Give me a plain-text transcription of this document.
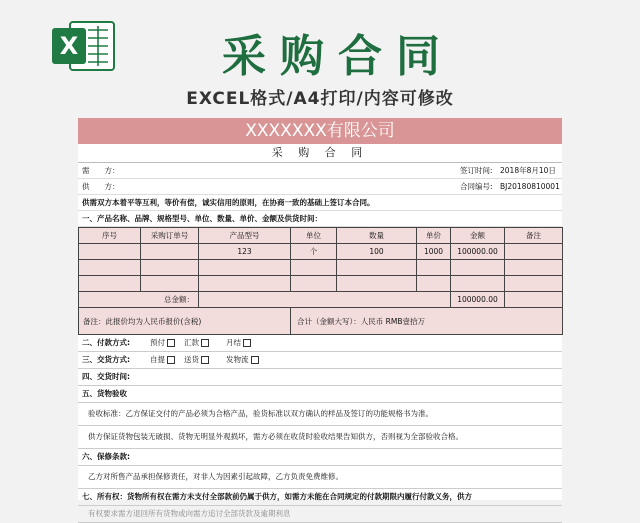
X	采购合同
EXCEL格式/A4打印/内容可修改
XXXXXXX有限公司
采 购 合 同
需　　方：	签订时间: 2018年8月10日
供　　方：	合同编号: BJ20180810001
供需双方本着平等互利，等价有偿，诚实信用的原则，在协商一致的基础上签订本合同。
一、产品名称、品牌、规格型号、单位、数量、单价、金额及供货时间：
序号	采购订单号	产品型号	单位	数量	单价	金额	备注
		123	个	100	1000	100000.00	

总金额：						100000.00	
备注：此报价均为人民币报价(含税)			合计（金额大写）：人民币 RMB壹拾万				
二、付款方式:	预付	汇款	月结
三、交货方式:	自提	送货	发物流
四、交货时间:
五、货物验收
验收标准：乙方保证交付的产品必须为合格产品，验货标准以双方确认的样品及签订的功能规格书为准。
供方保证货物包装无破损、货物无明显外观损坏，需方必须在收货时验收结果告知供方，否则视为全部验收合格。
六、保修条款:
乙方对所售产品承担保修责任，对非人为因素引起故障，乙方负责免费维修。
七、所有权：货物所有权在需方未支付全部款前仍属于供方，如需方未能在合同规定的付款期限内履行付款义务，供方
有权要求需方退回所有货物或向需方追讨全部货款及逾期利息
